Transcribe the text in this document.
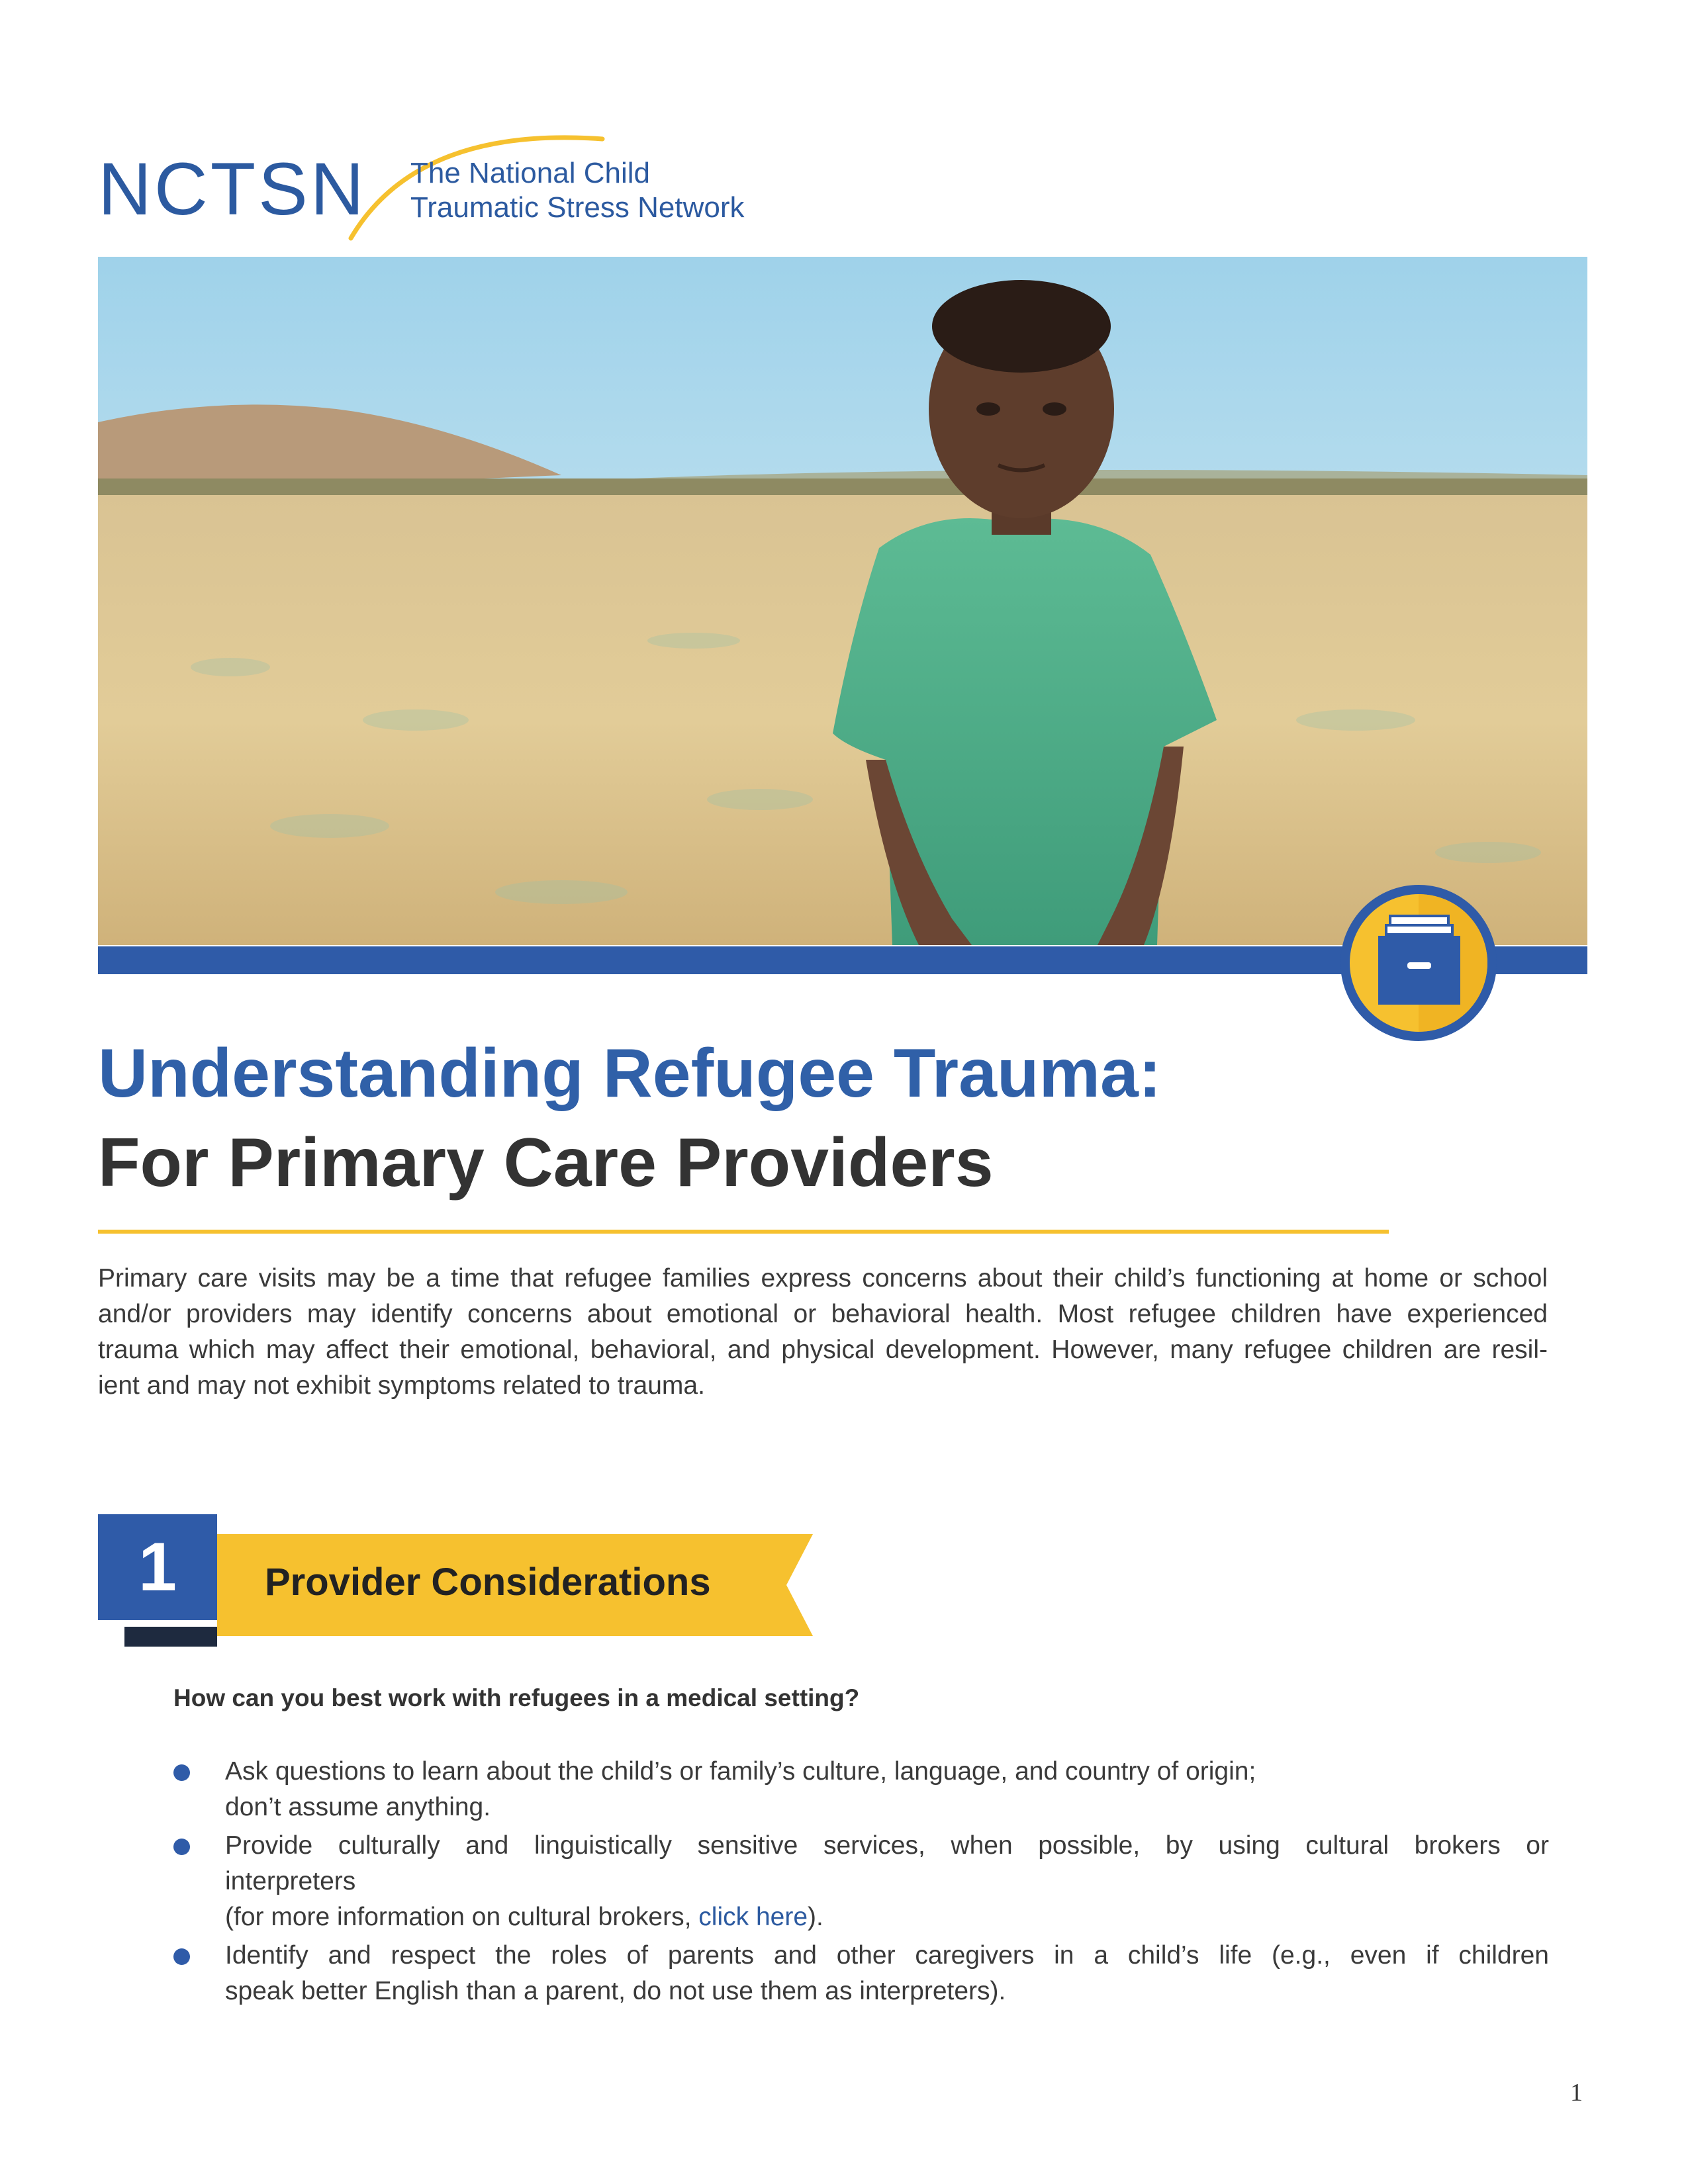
NCTSN The National Child
Traumatic Stress Network
Understanding Refugee Trauma:
For Primary Care Providers
Primary care visits may be a time that refugee families express concerns about their child’s functioning at home or school
and/or providers may identify concerns about emotional or behavioral health. Most refugee children have experienced
trauma which may affect their emotional, behavioral, and physical development. However, many refugee children are resil-
ient and may not exhibit symptoms related to trauma.
1	Provider Considerations
How can you best work with refugees in a medical setting?
Ask questions to learn about the child’s or family’s culture, language, and country of origin;
don’t assume anything.
Provide culturally and linguistically sensitive services, when possible, by using cultural brokers or
interpreters
(for more information on cultural brokers, click here).
Identify and respect the roles of parents and other caregivers in a child’s life (e.g., even if children
speak better English than a parent, do not use them as interpreters).
1
